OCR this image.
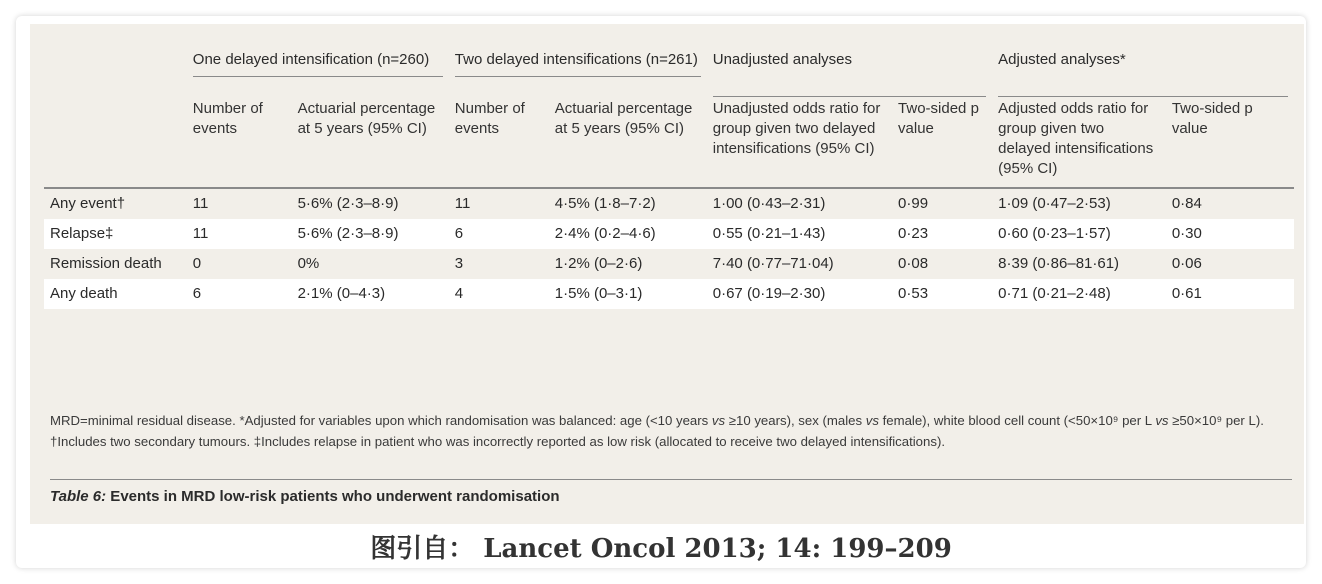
	One delayed intensification (n=260)		Two delayed intensifications (n=261)		Unadjusted analyses		Adjusted analyses*	

	Number of events	Actuarial percentage at 5 years (95% CI)	Number of events	Actuarial percentage at 5 years (95% CI)	Unadjusted odds ratio for group given two delayed intensifications (95% CI)	Two-sided p value	Adjusted odds ratio for group given two delayed intensifications (95% CI)	Two-sided p value

Any event†	11	5·6% (2·3–8·9)	11	4·5% (1·8–7·2)	1·00 (0·43–2·31)	0·99	1·09 (0·47–2·53)	0·84
Relapse‡	11	5·6% (2·3–8·9)	6	2·4% (0·2–4·6)	0·55 (0·21–1·43)	0·23	0·60 (0·23–1·57)	0·30
Remission death	0	0%	3	1·2% (0–2·6)	7·40 (0·77–71·04)	0·08	8·39 (0·86–81·61)	0·06
Any death	6	2·1% (0–4·3)	4	1·5% (0–3·1)	0·67 (0·19–2·30)	0·53	0·71 (0·21–2·48)	0·61
MRD=minimal residual disease. *Adjusted for variables upon which randomisation was balanced: age (<10 years vs ≥10 years), sex (males vs female), white blood cell count (<50×10⁹ per L vs ≥50×10⁹ per L). †Includes two secondary tumours. ‡Includes relapse in patient who was incorrectly reported as low risk (allocated to receive two delayed intensifications).
Table 6: Events in MRD low-risk patients who underwent randomisation
图引自： Lancet Oncol 2013; 14: 199–209
